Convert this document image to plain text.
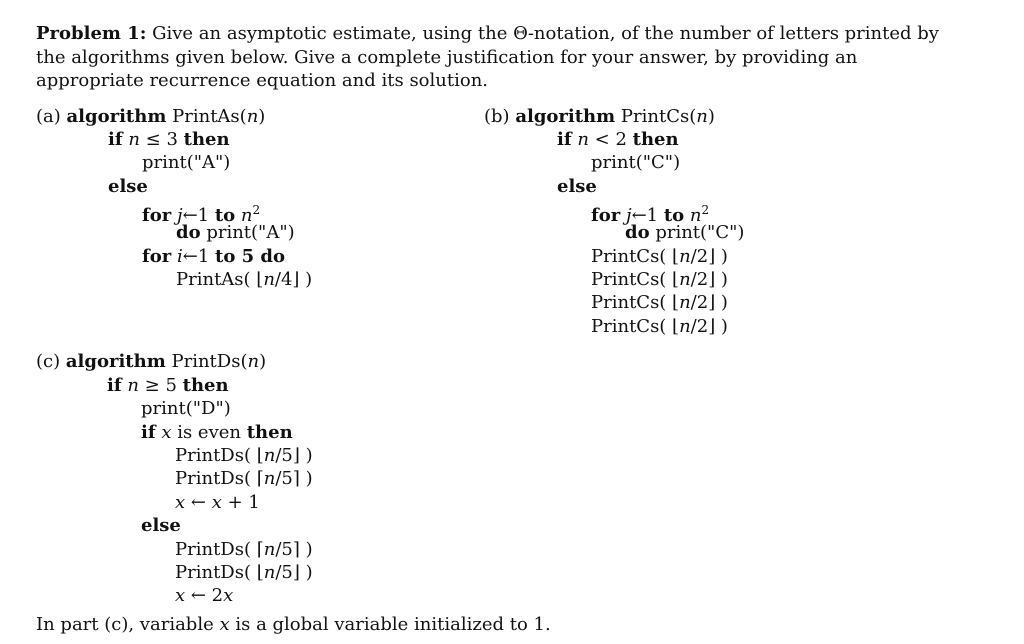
Problem 1: Give an asymptotic estimate, using the Θ-notation, of the number of letters printed by the algorithms given below. Give a complete justification for your answer, by providing an appropriate recurrence equation and its solution.
(a) algorithm PrintAs(n)
if n ≤ 3 then
print("A")
else
for j←1 to $n^2$
do print("A")
for i←1 to 5 do
PrintAs( ⌊n/4⌋ )
(b) algorithm PrintCs(n)
if n < 2 then
print("C")
else
for j←1 to $n^2$
do print("C")
PrintCs( ⌊n/2⌋ )
PrintCs( ⌊n/2⌋ )
PrintCs( ⌊n/2⌋ )
PrintCs( ⌊n/2⌋ )
(c) algorithm PrintDs(n)
if n ≥ 5 then
print("D")
if x is even then
PrintDs( ⌊n/5⌋ )
PrintDs( ⌈n/5⌉ )
x ← x + 1
else
PrintDs( ⌈n/5⌉ )
PrintDs( ⌊n/5⌋ )
x ← 2x
In part (c), variable x is a global variable initialized to 1.
